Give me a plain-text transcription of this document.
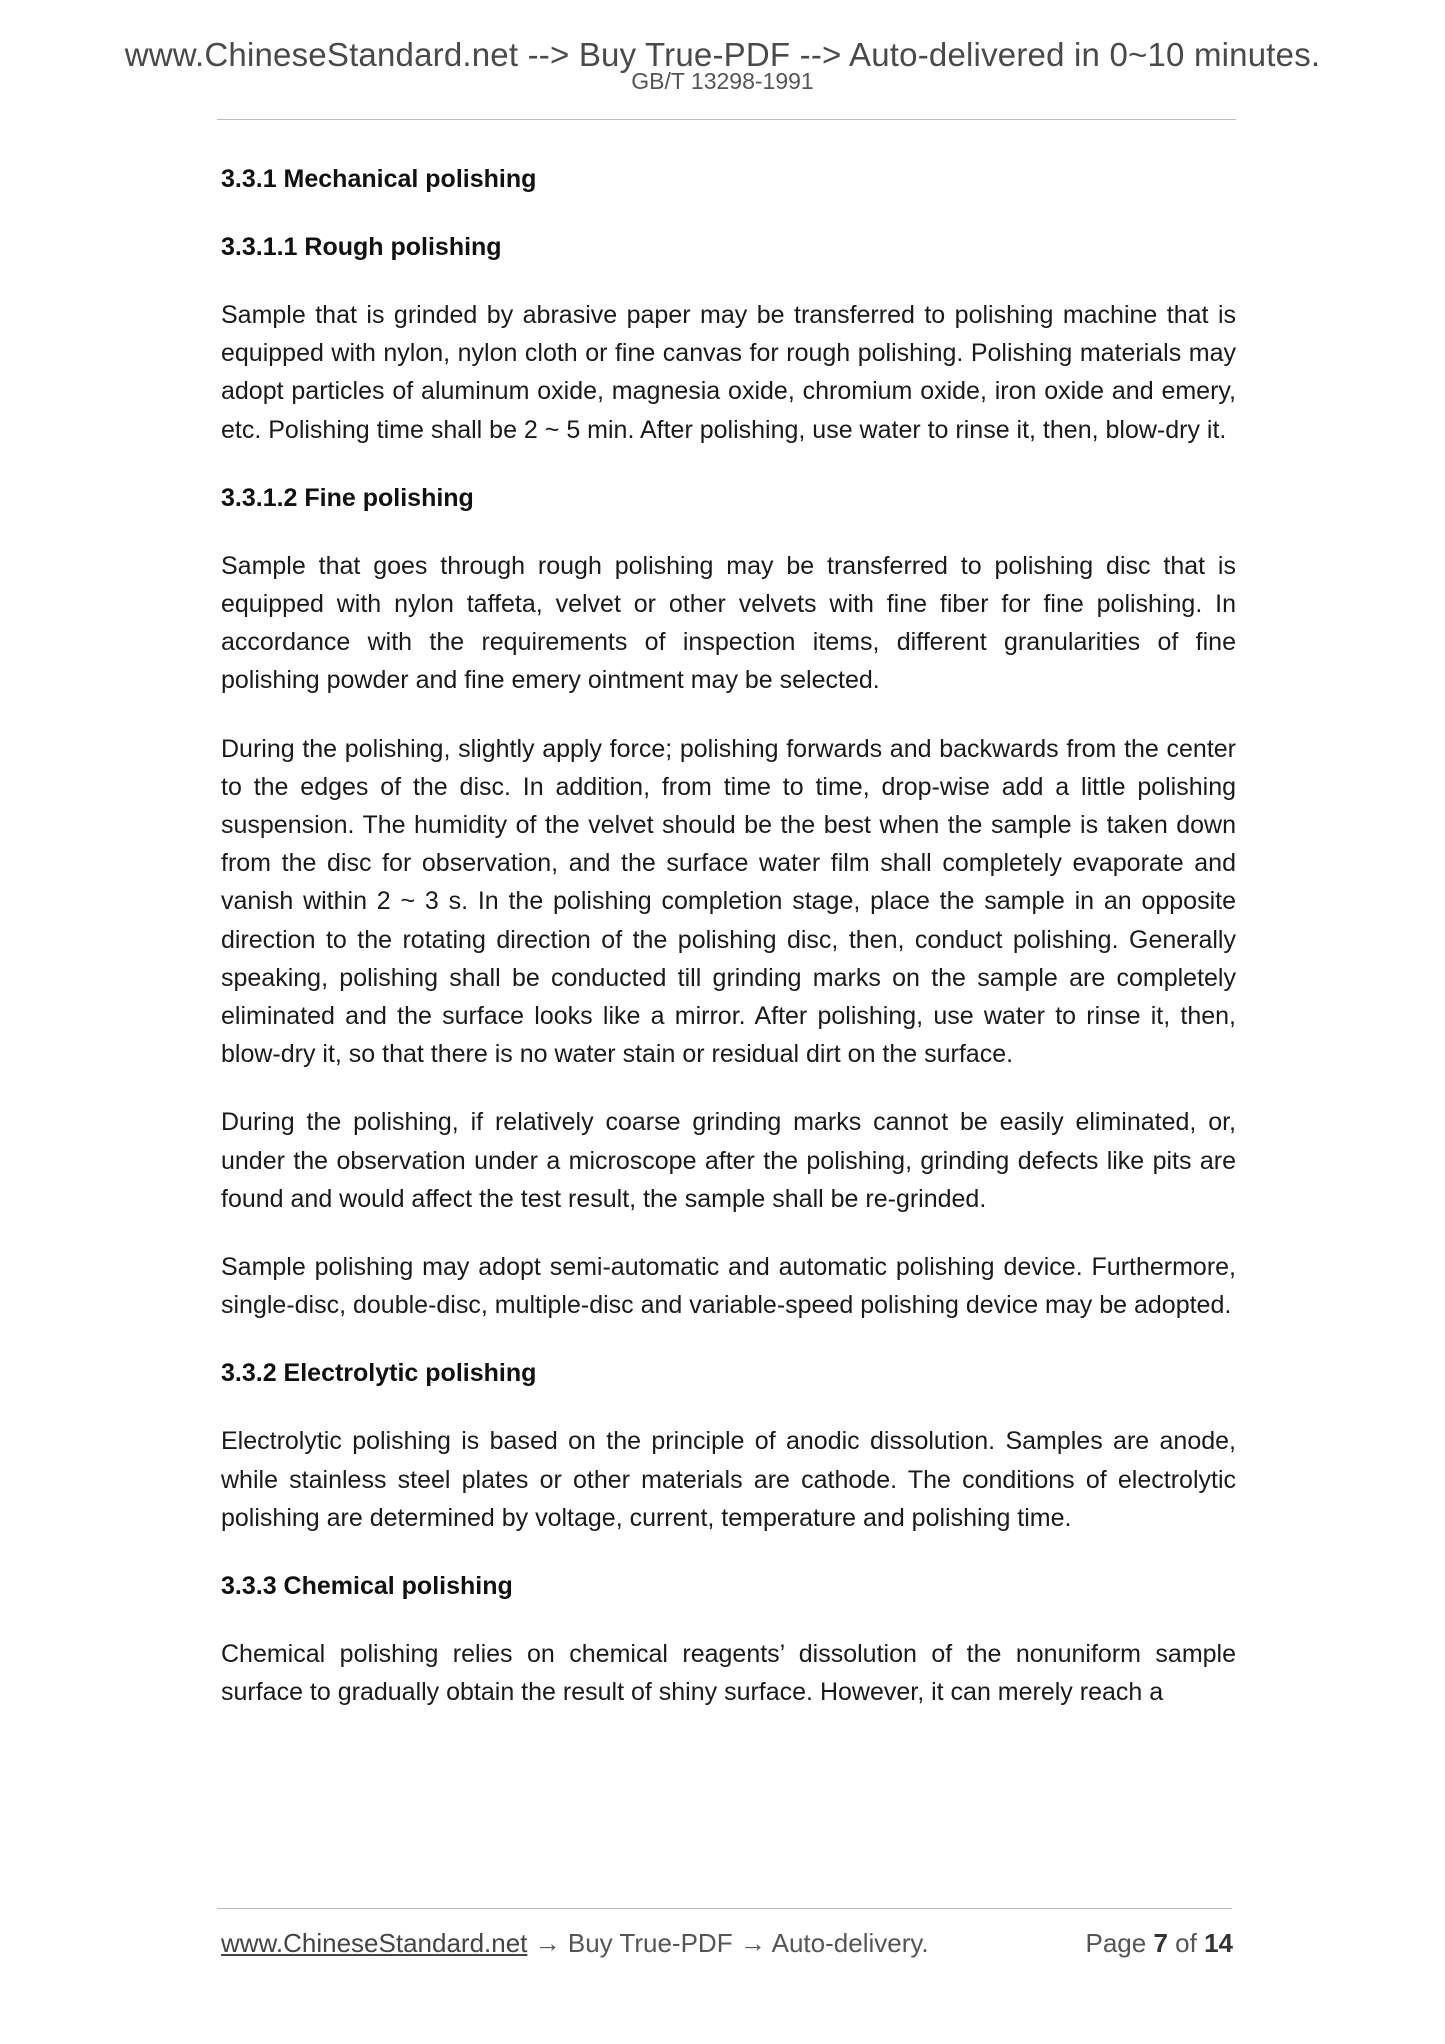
www.ChineseStandard.net --> Buy True-PDF --> Auto-delivered in 0~10 minutes.
GB/T 13298-1991
3.3.1 Mechanical polishing
3.3.1.1 Rough polishing

Sample that is grinded by abrasive paper may be transferred to polishing machine that is equipped with nylon, nylon cloth or fine canvas for rough polishing. Polishing materials may adopt particles of aluminum oxide, magnesia oxide, chromium oxide, iron oxide and emery, etc. Polishing time shall be 2 ~ 5 min. After polishing, use water to rinse it, then, blow-dry it.

3.3.1.2 Fine polishing

Sample that goes through rough polishing may be transferred to polishing disc that is equipped with nylon taffeta, velvet or other velvets with fine fiber for fine polishing. In accordance with the requirements of inspection items, different granularities of fine polishing powder and fine emery ointment may be selected.

During the polishing, slightly apply force; polishing forwards and backwards from the center to the edges of the disc. In addition, from time to time, drop-wise add a little polishing suspension. The humidity of the velvet should be the best when the sample is taken down from the disc for observation, and the surface water film shall completely evaporate and vanish within 2 ~ 3 s. In the polishing completion stage, place the sample in an opposite direction to the rotating direction of the polishing disc, then, conduct polishing. Generally speaking, polishing shall be conducted till grinding marks on the sample are completely eliminated and the surface looks like a mirror. After polishing, use water to rinse it, then, blow-dry it, so that there is no water stain or residual dirt on the surface.

During the polishing, if relatively coarse grinding marks cannot be easily eliminated, or, under the observation under a microscope after the polishing, grinding defects like pits are found and would affect the test result, the sample shall be re-grinded.

Sample polishing may adopt semi-automatic and automatic polishing device. Furthermore, single-disc, double-disc, multiple-disc and variable-speed polishing device may be adopted.

3.3.2 Electrolytic polishing

Electrolytic polishing is based on the principle of anodic dissolution. Samples are anode, while stainless steel plates or other materials are cathode. The conditions of electrolytic polishing are determined by voltage, current, temperature and polishing time.

3.3.3 Chemical polishing

Chemical polishing relies on chemical reagents’ dissolution of the nonuniform sample surface to gradually obtain the result of shiny surface. However, it can merely reach a

www.ChineseStandard.net → Buy True-PDF → Auto-delivery.	Page 7 of 14
